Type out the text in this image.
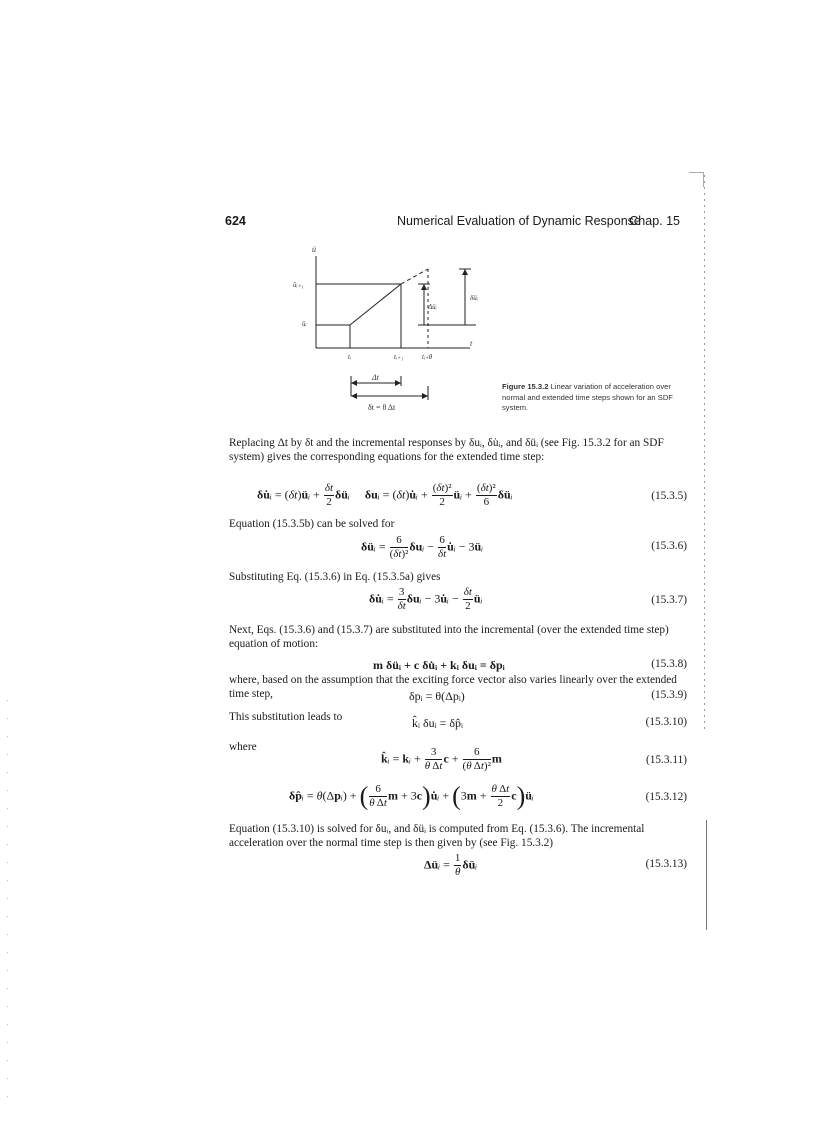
624	Numerical Evaluation of Dynamic Response
Chap. 15
ü
t
üᵢ₊₁
üᵢ
tᵢ	tᵢ₊₁	tᵢ₊θ
Δüᵢ
δüᵢ
Δt
δt = θ Δt
Figure 15.3.2 Linear variation of acceleration over normal and extended time steps shown for an SDF system.

Replacing Δt by δt and the incremental responses by δuᵢ, δu̇ᵢ, and δüᵢ (see Fig. 15.3.2 for an SDF system) gives the corresponding equations for the extended time step:

δu̇ᵢ = (δt)üᵢ + $\frac{\delta t}{2}$ δüᵢ δuᵢ = (δt)u̇ᵢ + $\frac{\text{(δt)²}}{2}$ üᵢ + $\frac{\text{(δt)²}}{6}$ δüᵢ	(15.3.5)

Equation (15.3.5b) can be solved for

δüᵢ = $\frac{6}{\text{(δt)²}}$ δuᵢ − $\frac{6}{\delta t}$ u̇ᵢ − 3üᵢ	(15.3.6)

Substituting Eq. (15.3.6) in Eq. (15.3.5a) gives

δu̇ᵢ = $\frac{3}{\delta t}$ δuᵢ − 3u̇ᵢ − $\frac{\delta t}{2}$ üᵢ	(15.3.7)

Next, Eqs. (15.3.6) and (15.3.7) are substituted into the incremental (over the extended time step) equation of motion:

m δüᵢ + c δu̇ᵢ + kᵢ δuᵢ = δpᵢ	(15.3.8)

where, based on the assumption that the exciting force vector also varies linearly over the extended time step,	δpᵢ = θ(Δpᵢ)	(15.3.9)

This substitution leads to	k̂ᵢ δuᵢ = δp̂ᵢ	(15.3.10)

where

k̂ᵢ = kᵢ + $\frac{3}{\text{θ Δt}}$ $c + \frac{6}{\text{(θ Δt)²}}$ m	(15.3.11)
δp̂ᵢ = θ(Δpᵢ) + ( $\frac{6}{\text{θ Δt}}$ m + 3c)u̇ᵢ + ($3m + \frac{\text{θ Δt}}{2}$ c)üᵢ	(15.3.12)

Equation (15.3.10) is solved for δuᵢ, and δüᵢ is computed from Eq. (15.3.6). The incremental acceleration over the normal time step is then given by (see Fig. 15.3.2)

Δüᵢ = $\frac{1}{\theta}$ δüᵢ	(15.3.13)
